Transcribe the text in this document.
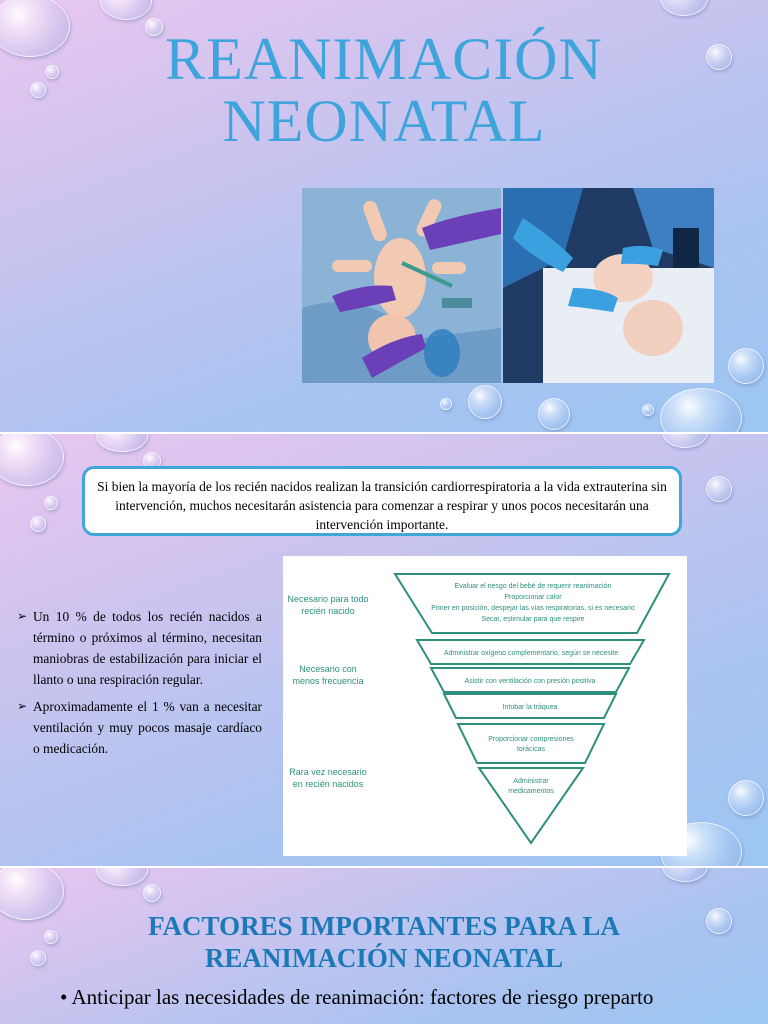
REANIMACIÓN
NEONATAL
Si bien la mayoría de los recién nacidos realizan la transición cardiorrespiratoria a la vida extrauterina sin intervención, muchos necesitarán asistencia para comenzar a respirar y unos pocos necesitarán una intervención importante.
➢ Un 10 % de todos los recién nacidos a término o próximos al término, necesitan maniobras de estabilización para iniciar el llanto o una respiración regular.
➢ Aproximadamente el 1 % van a necesitar ventilación y muy pocos masaje cardíaco o medicación.
Necesario para todo
recién nacido
Necesario con
menos frecuencia
Rara vez necesario
en recién nacidos
Evaluar el riesgo del bebé de requerir reanimación
Proporcionar calor
Poner en posición, despejar las vías respiratorias, si es necesario
Secar, estimular para que respire
Administrar oxígeno complementario, según se necesite
Asistir con ventilación con presión positiva
Intubar la tráquea
Proporcionar compresiones
torácicas
Administrar
medicamentos
FACTORES IMPORTANTES PARA LA
REANIMACIÓN NEONATAL
• Anticipar las necesidades de reanimación: factores de riesgo preparto
